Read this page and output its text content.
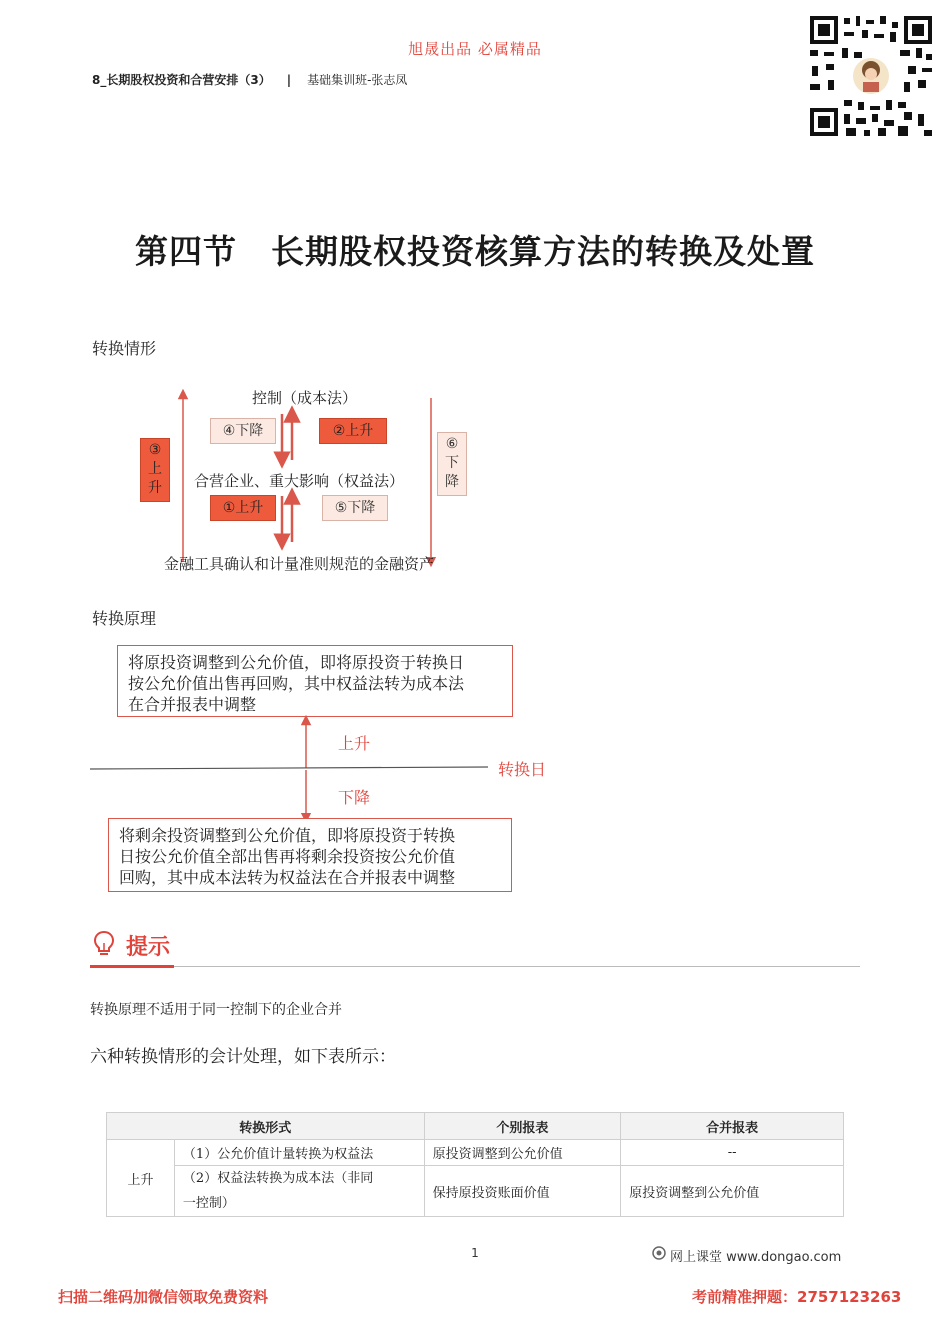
旭晟出品 必属精品
8_长期股权投资和合营安排（3） | 基础集训班-张志凤
第四节　长期股权投资核算方法的转换及处置
转换情形
控制（成本法）
合营企业、重大影响（权益法）
金融工具确认和计量准则规范的金融资产
④下降	②上升
①上升	⑤下降
③
上
升
⑥
下
降
转换原理
将原投资调整到公允价值，即将原投资于转换日
按公允价值出售再回购，其中权益法转为成本法
在合并报表中调整
上升
转换日
下降
将剩余投资调整到公允价值，即将原投资于转换
日按公允价值全部出售再将剩余投资按公允价值
回购，其中成本法转为权益法在合并报表中调整
提示
转换原理不适用于同一控制下的企业合并
六种转换情形的会计处理，如下表所示：
转换形式		个别报表	合并报表
上升	（1）公允价值计量转换为权益法	原投资调整到公允价值	--

	（2）权益法转换为成本法（非同
一控制）	保持原投资账面价值	原投资调整到公允价值
1	网上课堂 www.dongao.com
扫描二维码加微信领取免费资料	考前精准押题：2757123263
